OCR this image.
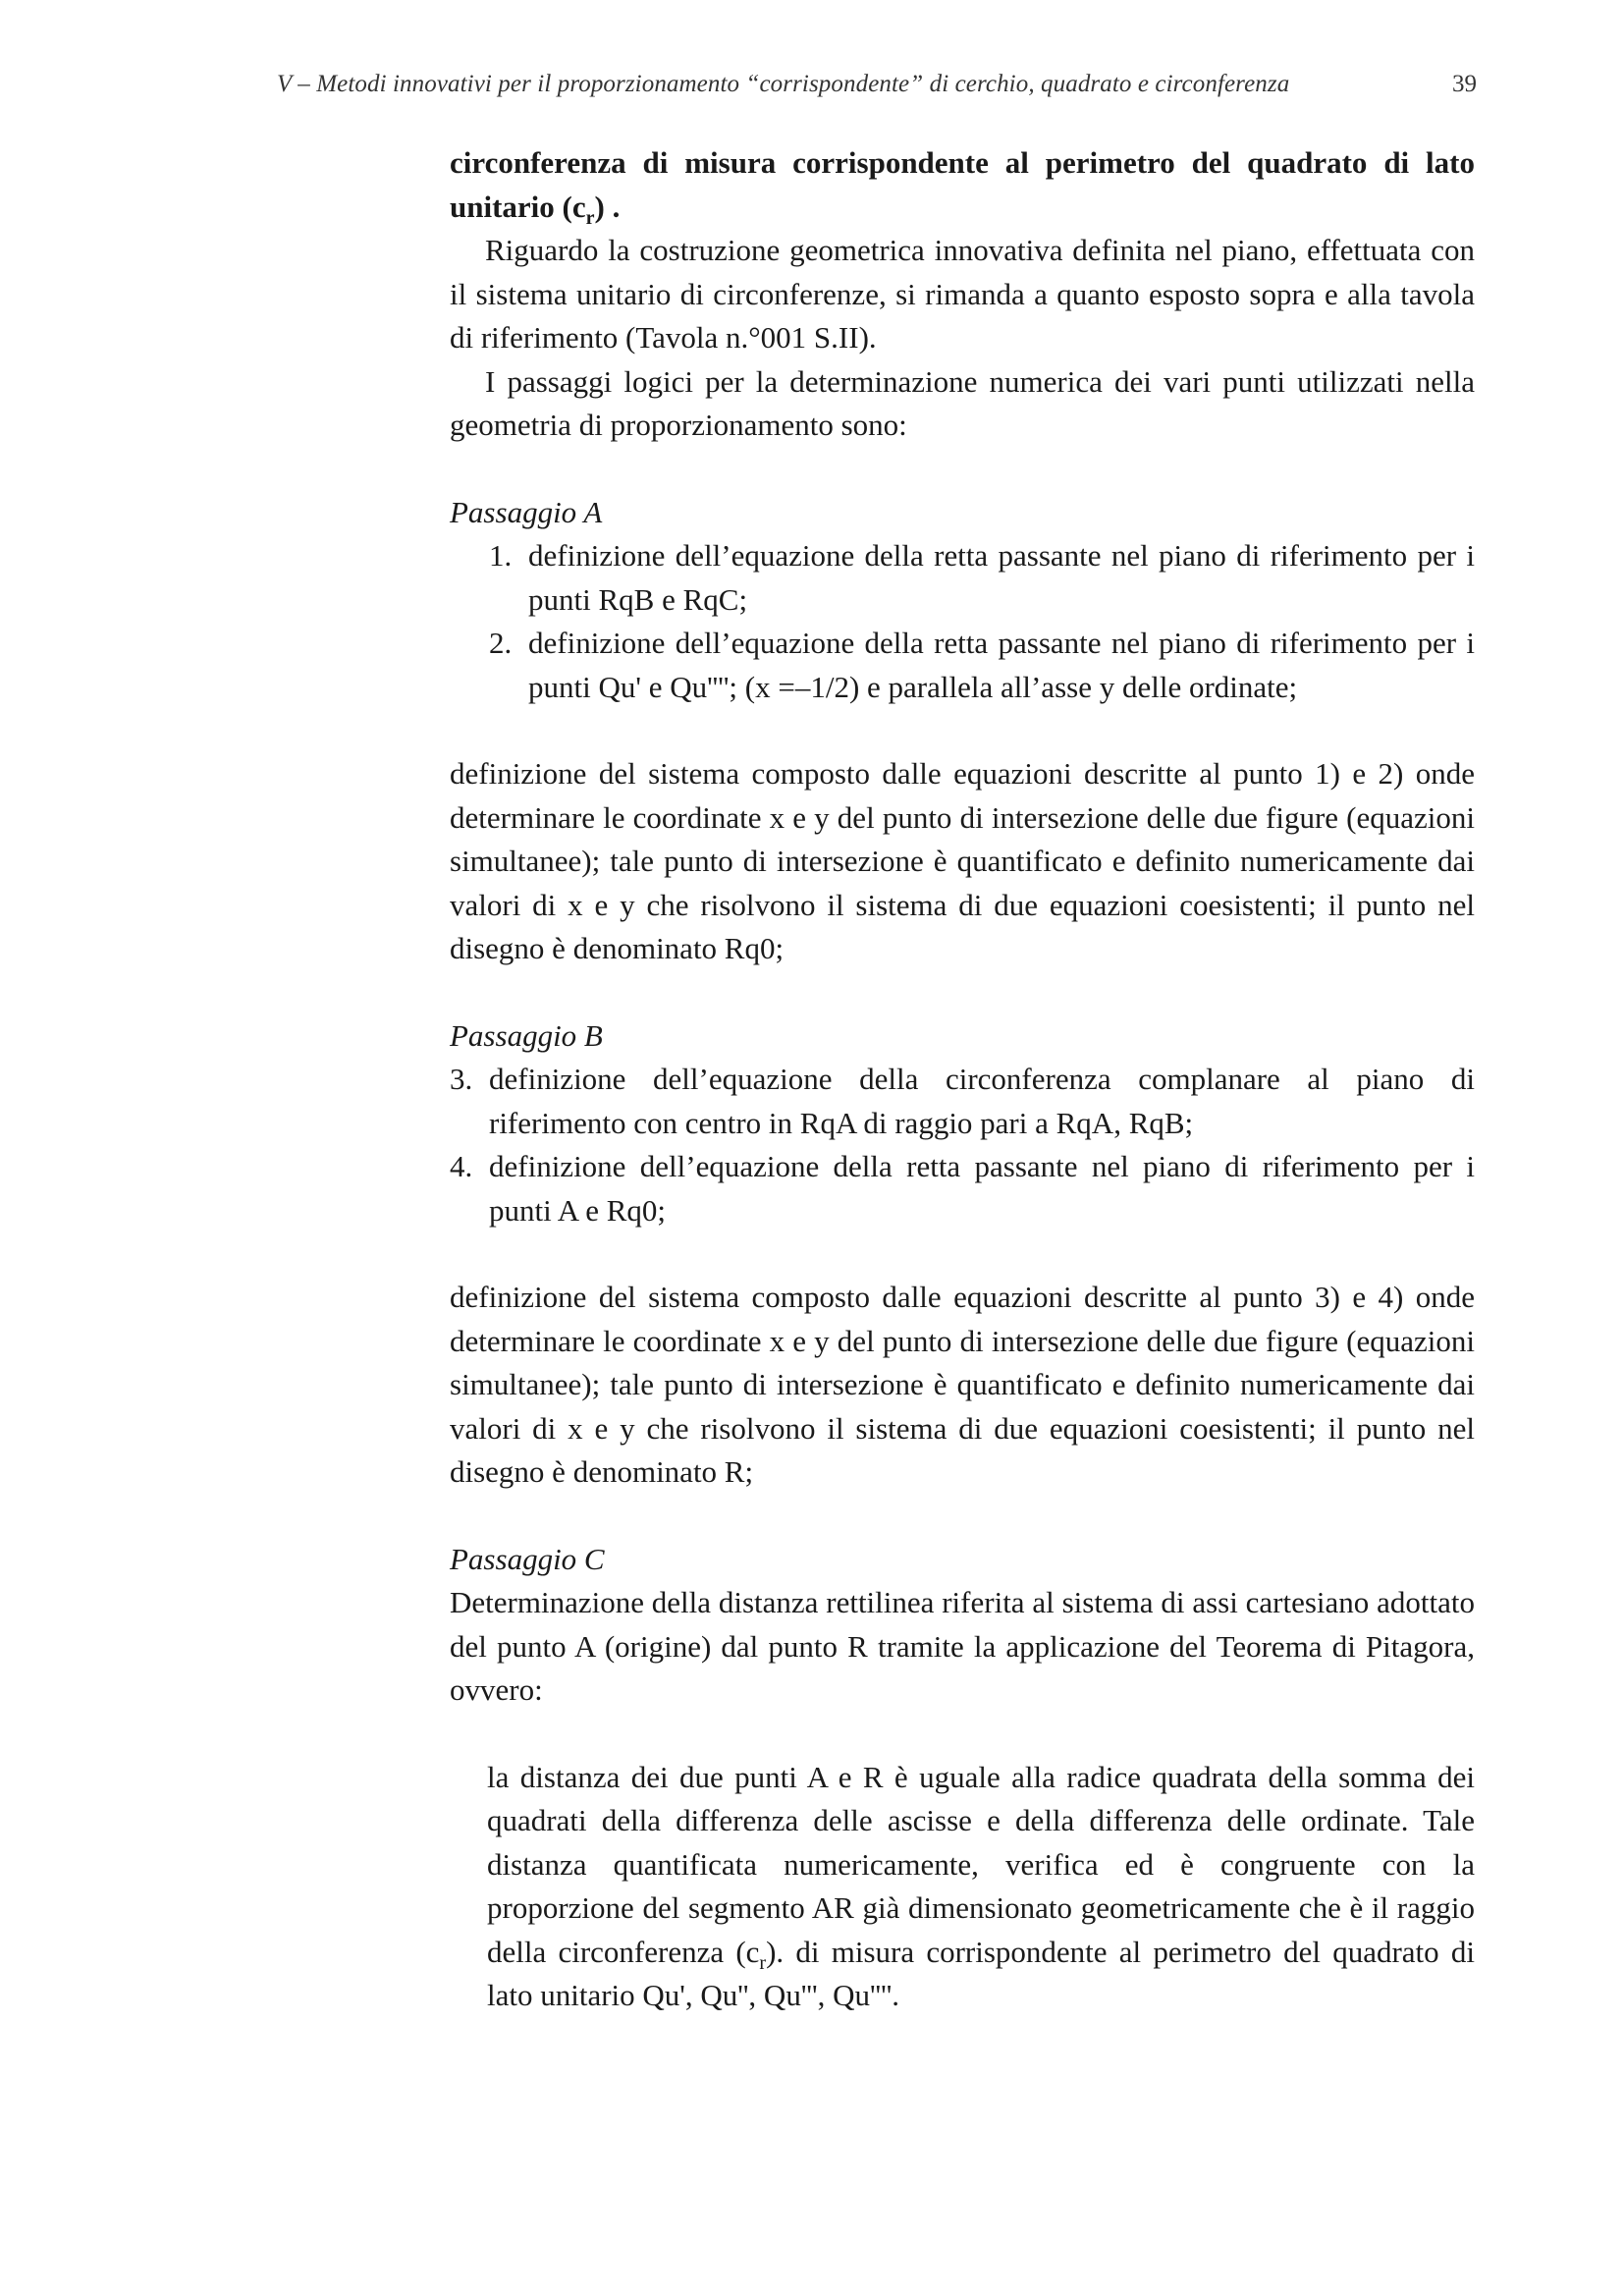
V – Metodi innovativi per il proporzionamento “corrispondente” di cerchio, quadrato e circonferenza	39

circonferenza di misura corrispondente al perimetro del quadrato di lato unitario $(c_r)$ .

Riguardo la costruzione geometrica innovativa definita nel piano, effettuata con il sistema unitario di circonferenze, si rimanda a quanto esposto sopra e alla tavola di riferimento (Tavola n.°001 S.II).

I passaggi logici per la determinazione numerica dei vari punti utilizzati nella geometria di proporzionamento sono:

Passaggio A

1. definizione dell’equazione della retta passante nel piano di riferimento per i punti RqB e RqC;
2. definizione dell’equazione della retta passante nel piano di riferimento per i punti Qu' e Qu''''; (x =–1/2) e parallela all’asse y delle ordinate;

definizione del sistema composto dalle equazioni descritte al punto 1) e 2) onde determinare le coordinate x e y del punto di intersezione delle due figure (equazioni simultanee); tale punto di intersezione è quantificato e definito numericamente dai valori di x e y che risolvono il sistema di due equazioni coesistenti; il punto nel disegno è denominato Rq0;

Passaggio B

3. definizione dell’equazione della circonferenza complanare al piano di riferimento con centro in RqA di raggio pari a RqA, RqB;
4. definizione dell’equazione della retta passante nel piano di riferimento per i punti A e Rq0;

definizione del sistema composto dalle equazioni descritte al punto 3) e 4) onde determinare le coordinate x e y del punto di intersezione delle due figure (equazioni simultanee); tale punto di intersezione è quantificato e definito numericamente dai valori di x e y che risolvono il sistema di due equazioni coesistenti; il punto nel disegno è denominato R;

Passaggio C

Determinazione della distanza rettilinea riferita al sistema di assi cartesiano adottato del punto A (origine) dal punto R tramite la applicazione del Teorema di Pitagora, ovvero:

la distanza dei due punti A e R è uguale alla radice quadrata della somma dei quadrati della differenza delle ascisse e della differenza delle ordinate. Tale distanza quantificata numericamente, verifica ed è congruente con la proporzione del segmento AR già dimensionato geometricamente che è il raggio della circonferenza $(c_r)$. di misura corrispondente al perimetro del quadrato di lato unitario Qu', Qu'', Qu''', Qu''''.
